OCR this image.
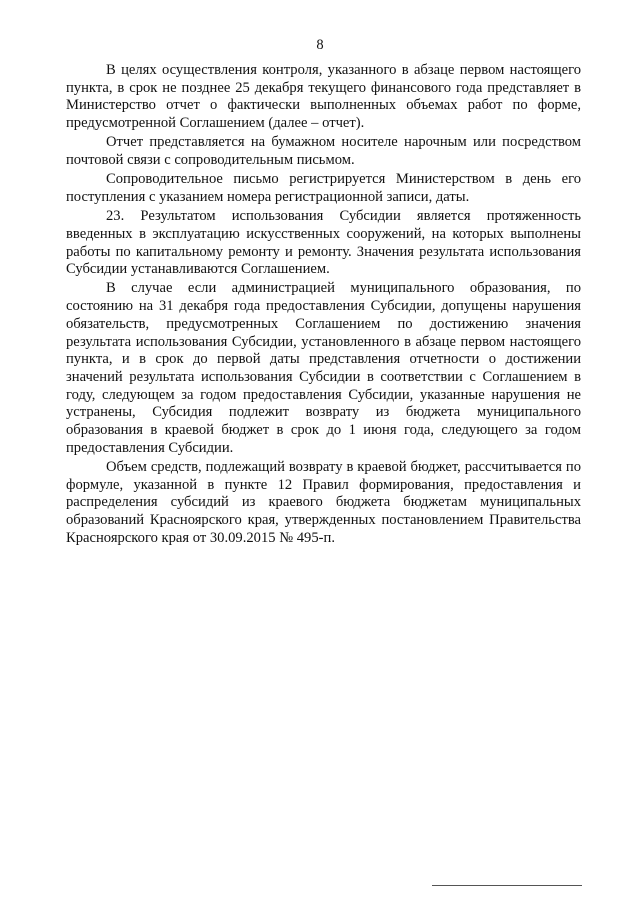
8

В целях осуществления контроля, указанного в абзаце первом настоящего пункта, в срок не позднее 25 декабря текущего финансового года представляет в Министерство отчет о фактически выполненных объемах работ по форме, предусмотренной Соглашением (далее – отчет).

Отчет представляется на бумажном носителе нарочным или посредством почтовой связи с сопроводительным письмом.

Сопроводительное письмо регистрируется Министерством в день его поступления с указанием номера регистрационной записи, даты.

23. Результатом использования Субсидии является протяженность введенных в эксплуатацию искусственных сооружений, на которых выполнены работы по капитальному ремонту и ремонту. Значения результата использования Субсидии устанавливаются Соглашением.

В случае если администрацией муниципального образования, по состоянию на 31 декабря года предоставления Субсидии, допущены нарушения обязательств, предусмотренных Соглашением по достижению значения результата использования Субсидии, установленного в абзаце первом настоящего пункта, и в срок до первой даты представления отчетности о достижении значений результата использования Субсидии в соответствии с Соглашением в году, следующем за годом предоставления Субсидии, указанные нарушения не устранены, Субсидия подлежит возврату из бюджета муниципального образования в краевой бюджет в срок до 1 июня года, следующего за годом предоставления Субсидии.

Объем средств, подлежащий возврату в краевой бюджет, рассчитывается по формуле, указанной в пункте 12 Правил формирования, предоставления и распределения субсидий из краевого бюджета бюджетам муниципальных образований Красноярского края, утвержденных постановлением Правительства Красноярского края от 30.09.2015 № 495-п.
